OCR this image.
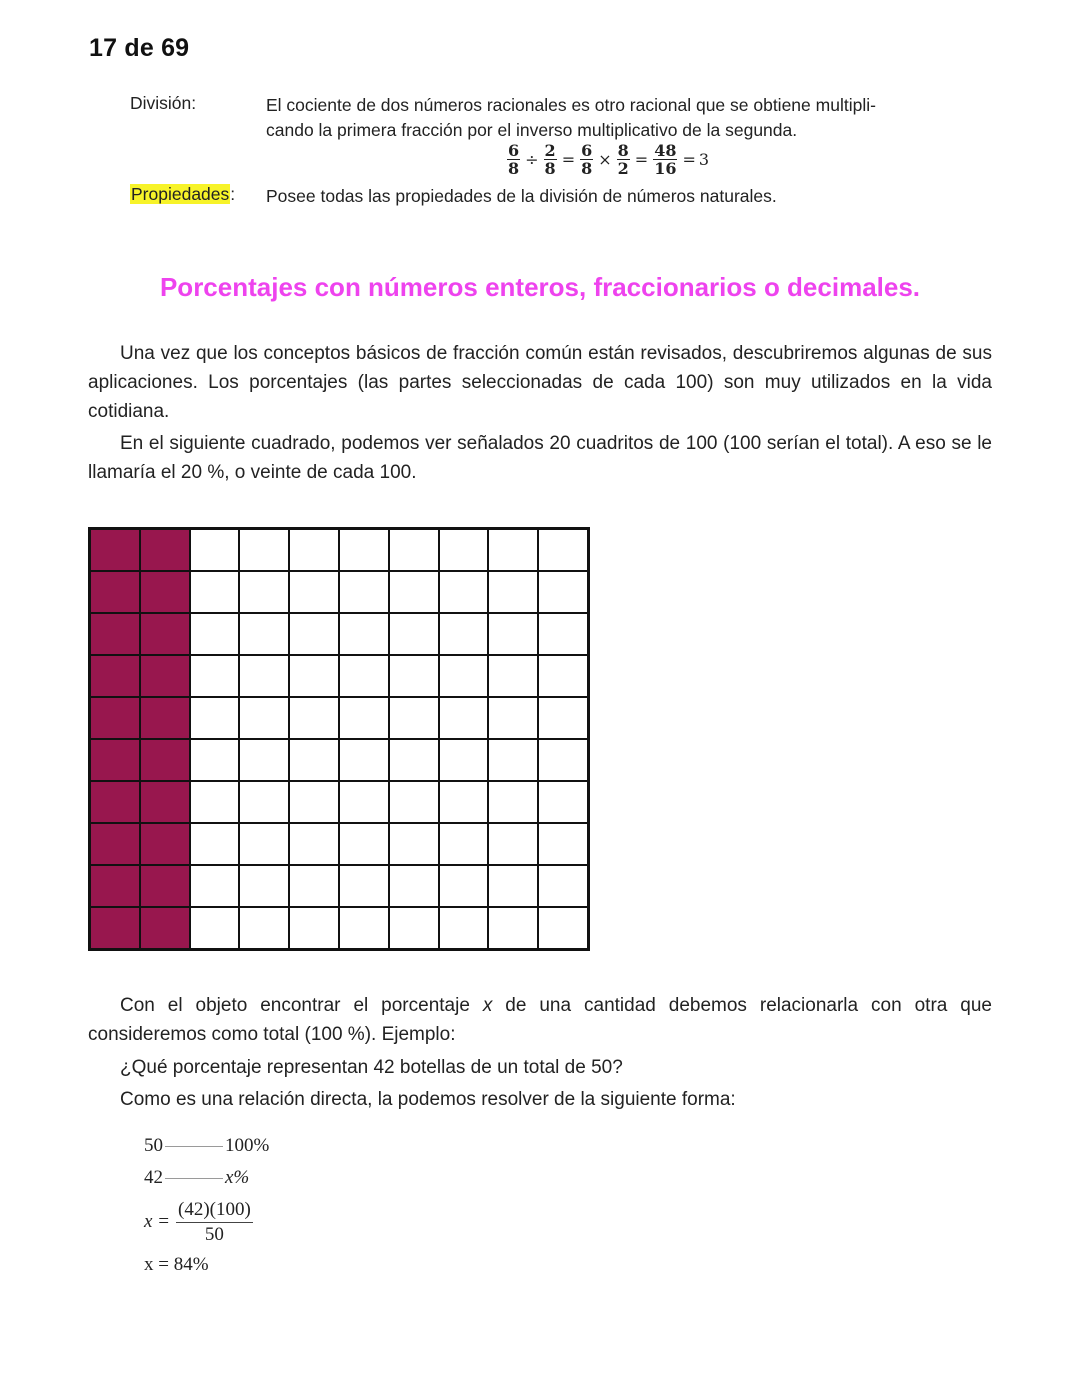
17 de 69
División:	El cociente de dos números racionales es otro racional que se obtiene multipli-
cando la primera fracción por el inverso multiplicativo de la segunda.
$\frac{6}{8} \div \frac{2}{8} = \frac{6}{8} \times \frac{8}{2} = \frac{48}{16} = 3$
Propiedades: Posee todas las propiedades de la división de números naturales.
Porcentajes con números enteros, fraccionarios o decimales.
Una vez que los conceptos básicos de fracción común están revisados, descubriremos algunas de sus aplicaciones. Los porcentajes (las partes seleccionadas de cada 100) son muy utilizados en la vida cotidiana.
En el siguiente cuadrado, podemos ver señalados 20 cuadritos de 100 (100 serían el total). A eso se le llamaría el 20 %, o veinte de cada 100.
Con el objeto encontrar el porcentaje x de una cantidad debemos relacionarla con otra que consideremos como total (100 %). Ejemplo:
¿Qué porcentaje representan 42 botellas de un total de 50?
Como es una relación directa, la podemos resolver de la siguiente forma:
50	100%
42	x%
$x = \frac{(42)(100)}{50}$
x = 84%
